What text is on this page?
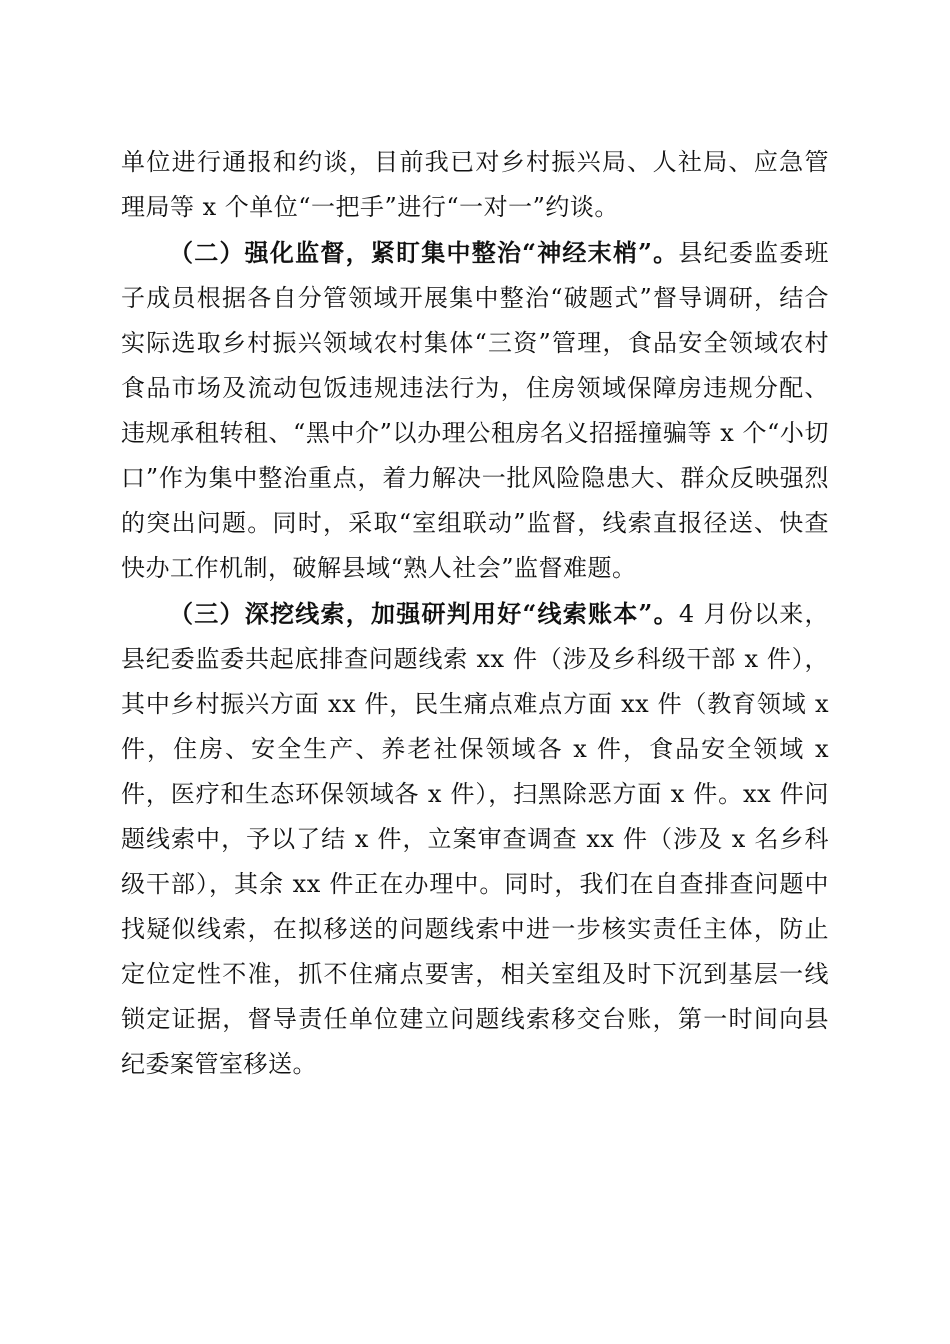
单位进行通报和约谈，目前我已对乡村振兴局、人社局、应急管理局等 x 个单位“一把手”进行“一对一”约谈。

（二）强化监督，紧盯集中整治“神经末梢”。县纪委监委班子成员根据各自分管领域开展集中整治“破题式”督导调研，结合实际选取乡村振兴领域农村集体“三资”管理，食品安全领域农村食品市场及流动包饭违规违法行为，住房领域保障房违规分配、违规承租转租、“黑中介”以办理公租房名义招摇撞骗等 x 个“小切口”作为集中整治重点，着力解决一批风险隐患大、群众反映强烈的突出问题。同时，采取“室组联动”监督，线索直报径送、快查快办工作机制，破解县域“熟人社会”监督难题。

（三）深挖线索，加强研判用好“线索账本”。4 月份以来，县纪委监委共起底排查问题线索 xx 件（涉及乡科级干部 x 件），其中乡村振兴方面 xx 件，民生痛点难点方面 xx 件（教育领域 x 件，住房、安全生产、养老社保领域各 x 件，食品安全领域 x 件，医疗和生态环保领域各 x 件），扫黑除恶方面 x 件。xx 件问题线索中，予以了结 x 件，立案审查调查 xx 件（涉及 x 名乡科级干部），其余 xx 件正在办理中。同时，我们在自查排查问题中找疑似线索，在拟移送的问题线索中进一步核实责任主体，防止定位定性不准，抓不住痛点要害，相关室组及时下沉到基层一线锁定证据，督导责任单位建立问题线索移交台账，第一时间向县纪委案管室移送。
